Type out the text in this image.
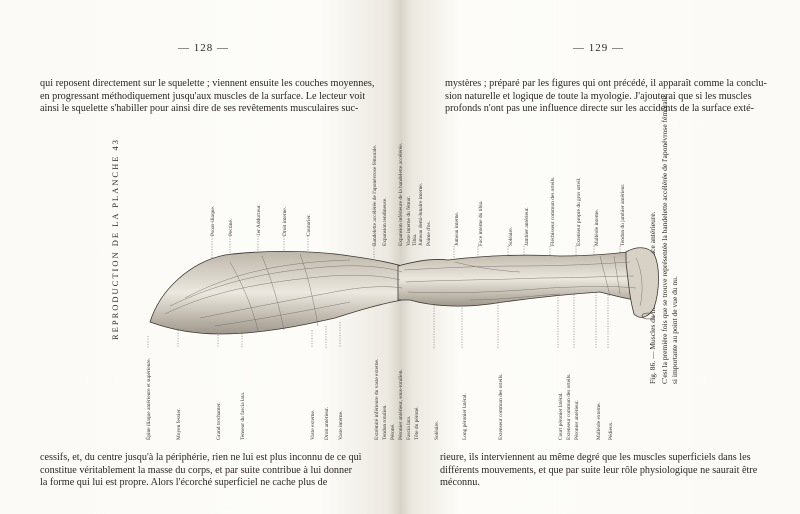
— 128 —
qui reposent directement sur le squelette ; viennent ensuite les couches moyennes,
en progressant méthodiquement jusqu'aux muscles de la surface. Le lecteur voit
ainsi le squelette s'habiller pour ainsi dire de ses revêtements musculaires suc-
REPRODUCTION DE LA PLANCHE 43	Psoas-iliaque. Pectiné.	1er Adducteur.	Droit interne.	Couturier.
Épine iliaque antérieure et supérieure.	Moyen fessier.	Grand trochanter.	Tenseur du fascia lata.	Vaste externe. Droit antérieur. Vaste interne.
cessifs, et, du centre jusqu'à la périphérie, rien ne lui est plus inconnu de ce qui
constitue véritablement la masse du corps, et par suite contribue à lui donner
la forme qui lui est propre. Alors l'écorché superficiel ne cache plus de
— 129 —
mystères ; préparé par les figures qui ont précédé, il apparaît comme la conclu-
sion naturelle et logique de toute la myologie. J'ajouterai que si les muscles
profonds n'ont pas une influence directe sur les accidents de la surface exté-
Bandelette accélérée de l'aponévrose fémorale. Expansion tendineuse. Expansion inférieure de la bandelette accélérée. Vaste interne du fémur. Tibia. Jumeau demi-lunaire interne. Pointe d'os.	Jumeau interne.	Face interne du tibia.	Soléaire. Jambier antérieur.	Fléchisseur commun des orteils.	Extenseur propre du gros orteil. Malléole interne.	Tendon du jambier antérieur.
Extrémité inférieure du vaste externe. Tendon rotulien. Péroné. Péronier antérieur, sous-rotulien. Fascia lata. Tête du péroné.	Soléaire.	Long péronier latéral.	Extenseur commun des orteils.	Court péronier latéral. Extenseur commun des orteils. Péronier antérieur.	Malléole externe. Pédieux.
C'est la première fois que se trouve représentée la bandelette accélérée de l'aponévrose fémorale si importante au point de vue du nu.
rieure, ils interviennent au même degré que les muscles superficiels dans les
différents mouvements, et que par suite leur rôle physiologique ne saurait être
méconnu.
